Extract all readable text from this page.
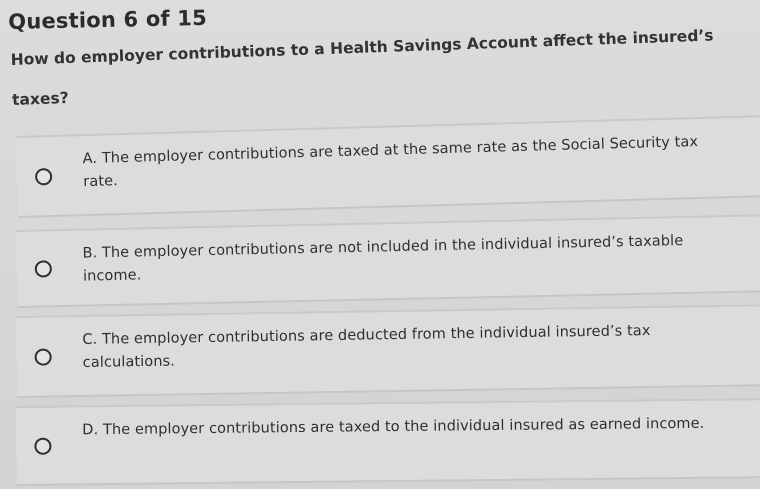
Question 6 of 15
How do employer contributions to a Health Savings Account affect the insured’s taxes?
A. The employer contributions are taxed at the same rate as the Social Security tax rate.
B. The employer contributions are not included in the individual insured’s taxable income.
C. The employer contributions are deducted from the individual insured’s tax calculations.
D. The employer contributions are taxed to the individual insured as earned income.
